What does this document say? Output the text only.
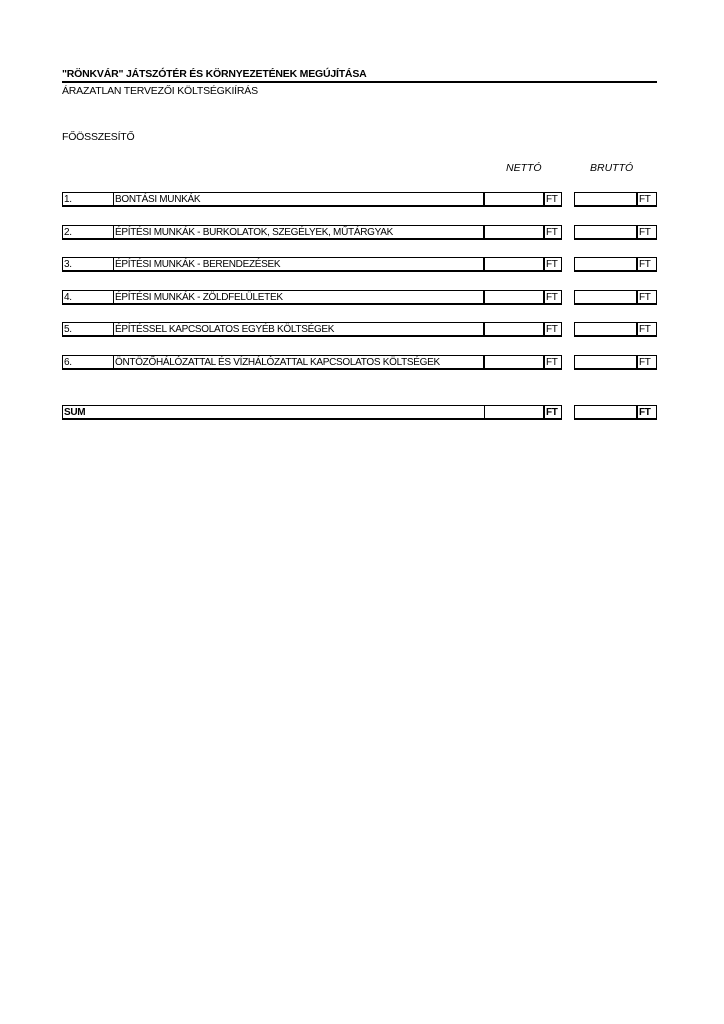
"RÖNKVÁR" JÁTSZÓTÉR ÉS KÖRNYEZETÉNEK MEGÚJÍTÁSA
ÁRAZATLAN TERVEZŐI KÖLTSÉGKIÍRÁS
FŐÖSSZESÍTŐ
NETTÓ	BRUTTÓ
1.	BONTÁSI MUNKÁK	FT	FT
2.	ÉPÍTÉSI MUNKÁK - BURKOLATOK, SZEGÉLYEK, MŰTÁRGYAK	FT	FT
3.	ÉPÍTÉSI MUNKÁK - BERENDEZÉSEK	FT	FT
4.	ÉPÍTÉSI MUNKÁK - ZÖLDFELÜLETEK	FT	FT
5.	ÉPÍTÉSSEL KAPCSOLATOS EGYÉB KÖLTSÉGEK	FT	FT
6.	ÖNTÖZŐHÁLÓZATTAL ÉS VÍZHÁLÓZATTAL KAPCSOLATOS KÖLTSÉGEK	FT	FT
SUM	FT	FT
